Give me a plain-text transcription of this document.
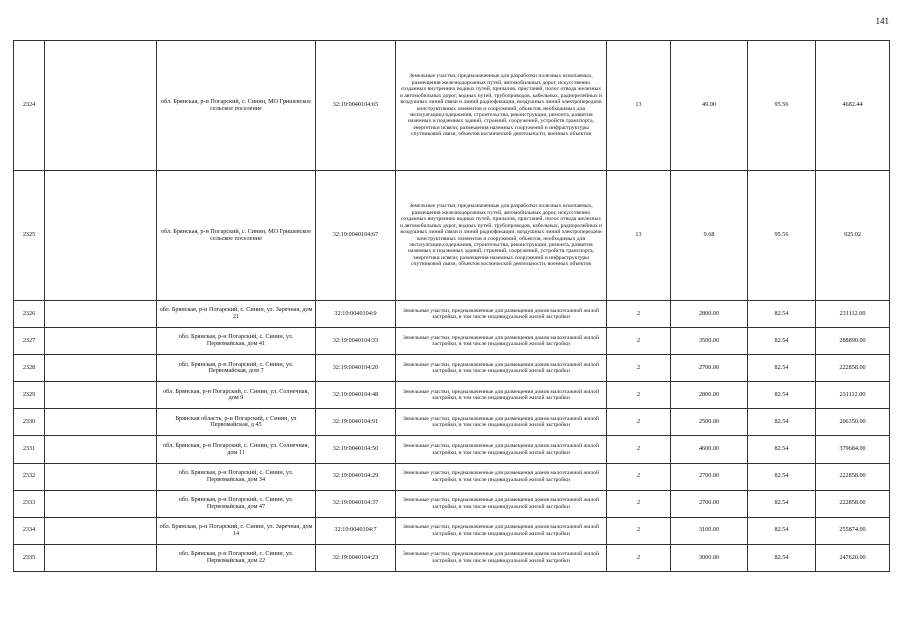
141
2324		обл. Брянская, р-н Погарский, с. Синин, МО Гришевское сельское поселение	32:19:0040104:65	Земельные участки, предназначенные для разработки полезных ископаемых, размещения железнодорожных путей, автомобильных дорог, искусственно созданных внутренних водных путей, причалов, пристаней, полос отвода железных и автомобильных дорог, водных путей, трубопроводов, кабельных, радиорелейных и воздушных линий связи и линий радиофикации, воздушных линий электропередачи конструктивных элементов и сооружений, объектов, необходимых для эксплуатации,содержания, строительства, реконструкции, ремонта, развития наземных и подземных зданий, строений, сооружений, устройств транспорта, энергетики исвязи; размещения наземных сооружений и инфраструктуры спутниковой связи, объектов космической деятельности, военных объектов	13	49.00	95.56	4682.44
2325		обл. Брянская, р-н Погарский, с. Синин, МО Гришевское сельское поселение	32:19:0040104:67	Земельные участки, предназначенные для разработки полезных ископаемых, размещения железнодорожных путей, автомобильных дорог, искусственно созданных внутренних водных путей, причалов, пристаней, полос отвода железных и автомобильных дорог, водных путей, трубопроводов, кабельных, радиорелейных и воздушных линий связи и линий радиофикации, воздушных линий электропередачи конструктивных элементов и сооружений, объектов, необходимых для эксплуатации,содержания, строительства, реконструкции, ремонта, развития наземных и подземных зданий, строений, сооружений, устройств транспорта, энергетики исвязи; размещения наземных сооружений и инфраструктуры спутниковой связи, объектов космической деятельности, военных объектов	13	9.68	95.56	925.02
2326		обл. Брянская, р-н Погарский, с. Синин, ул. Заречная, дом 21	32:19:0040104:9	Земельные участки, предназначенные для размещения домов малоэтажной жилой застройки, в том числе индивидуальной жилой застройки	2	2800.00	82.54	231112.00
2327		обл. Брянская, р-н Погарский, с. Синин, ул. Первомайская, дом 41	32:19:0040104:33	Земельные участки, предназначенные для размещения домов малоэтажной жилой застройки, в том числе индивидуальной жилой застройки	2	3500.00	82.54	288890.00
2328		обл. Брянская, р-н Погарский, с. Синин, ул. Первомайская, дом 7	32:19:0040104:20	Земельные участки, предназначенные для размещения домов малоэтажной жилой застройки, в том числе индивидуальной жилой застройки	2	2700.00	82.54	222858.00
2329		обл. Брянская, р-н Погарский, с. Синин, ул. Солнечная, дом 9	32:19:0040104:48	Земельные участки, предназначенные для размещения домов малоэтажной жилой застройки, в том числе индивидуальной жилой застройки	2	2800.00	82.54	231112.00
2330		Брянская область, р-н Погарский, с Синин, ул Первомайская, д 45	32:19:0040104:91	Земельные участки, предназначенные для размещения домов малоэтажной жилой застройки, в том числе индивидуальной жилой застройки	2	2500.00	82.54	206350.00
2331		обл. Брянская, р-н Погарский, с. Синин, ул. Солнечная, дом 11	32:19:0040104:50	Земельные участки, предназначенные для размещения домов малоэтажной жилой застройки, в том числе индивидуальной жилой застройки	2	4600.00	82.54	379684.00
2332		обл. Брянская, р-н Погарский, с. Синин, ул. Первомайская, дом 34	32:19:0040104:29	Земельные участки, предназначенные для размещения домов малоэтажной жилой застройки, в том числе индивидуальной жилой застройки	2	2700.00	82.54	222858.00
2333		обл. Брянская, р-н Погарский, с. Синин, ул. Первомайская, дом 47	32:19:0040104:37	Земельные участки, предназначенные для размещения домов малоэтажной жилой застройки, в том числе индивидуальной жилой застройки	2	2700.00	82.54	222858.00
2334		обл. Брянская, р-н Погарский, с. Синин, ул. Заречная, дом 14	32:19:0040104:7	Земельные участки, предназначенные для размещения домов малоэтажной жилой застройки, в том числе индивидуальной жилой застройки	2	3100.00	82.54	255874.00
2335		обл. Брянская, р-н Погарский, с. Синин, ул. Первомайская, дом 22	32:19:0040104:23	Земельные участки, предназначенные для размещения домов малоэтажной жилой застройки, в том числе индивидуальной жилой застройки	2	3000.00	82.54	247620.00
